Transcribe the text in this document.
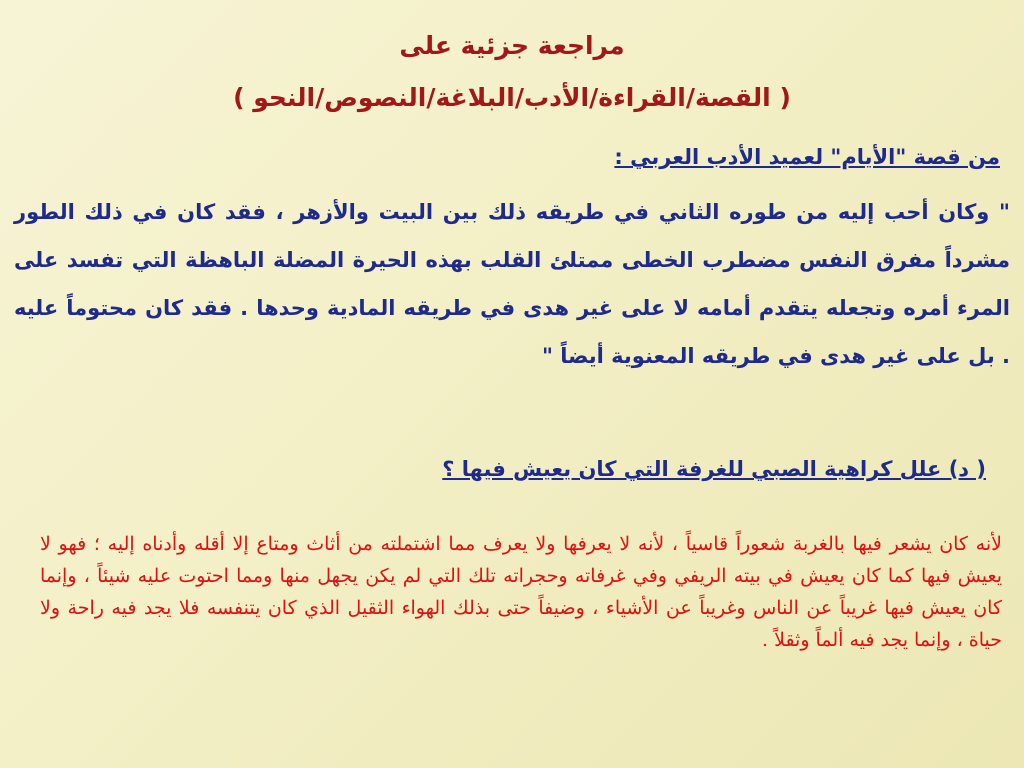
مراجعة جزئية على
( القصة/القراءة/الأدب/البلاغة/النصوص/النحو )
من قصة "الأيام" لعميد الأدب العربي :
" وكان أحب إليه من طوره الثاني في طريقه ذلك بين البيت والأزهر ، فقد كان في ذلك الطور مشرداً مفرق النفس مضطرب الخطى ممتلئ القلب بهذه الحيرة المضلة الباهظة التي تفسد على المرء أمره وتجعله يتقدم أمامه لا على غير هدى في طريقه المادية وحدها . فقد كان محتوماً عليه . بل على غير هدى في طريقه المعنوية أيضاً "
( د) علل كراهية الصبي للغرفة التي كان يعيش فيها ؟
لأنه كان يشعر فيها بالغربة شعوراً قاسياً ، لأنه لا يعرفها ولا يعرف مما اشتملته من أثاث ومتاع إلا أقله وأدناه إليه ؛ فهو لا يعيش فيها كما كان يعيش في بيته الريفي وفي غرفاته وحجراته تلك التي لم يكن يجهل منها ومما احتوت عليه شيئاً ، وإنما كان يعيش فيها غريباً عن الناس وغريباً عن الأشياء ، وضيفاً حتى بذلك الهواء الثقيل الذي كان يتنفسه فلا يجد فيه راحة ولا حياة ، وإنما يجد فيه ألماً وثقلاً .
